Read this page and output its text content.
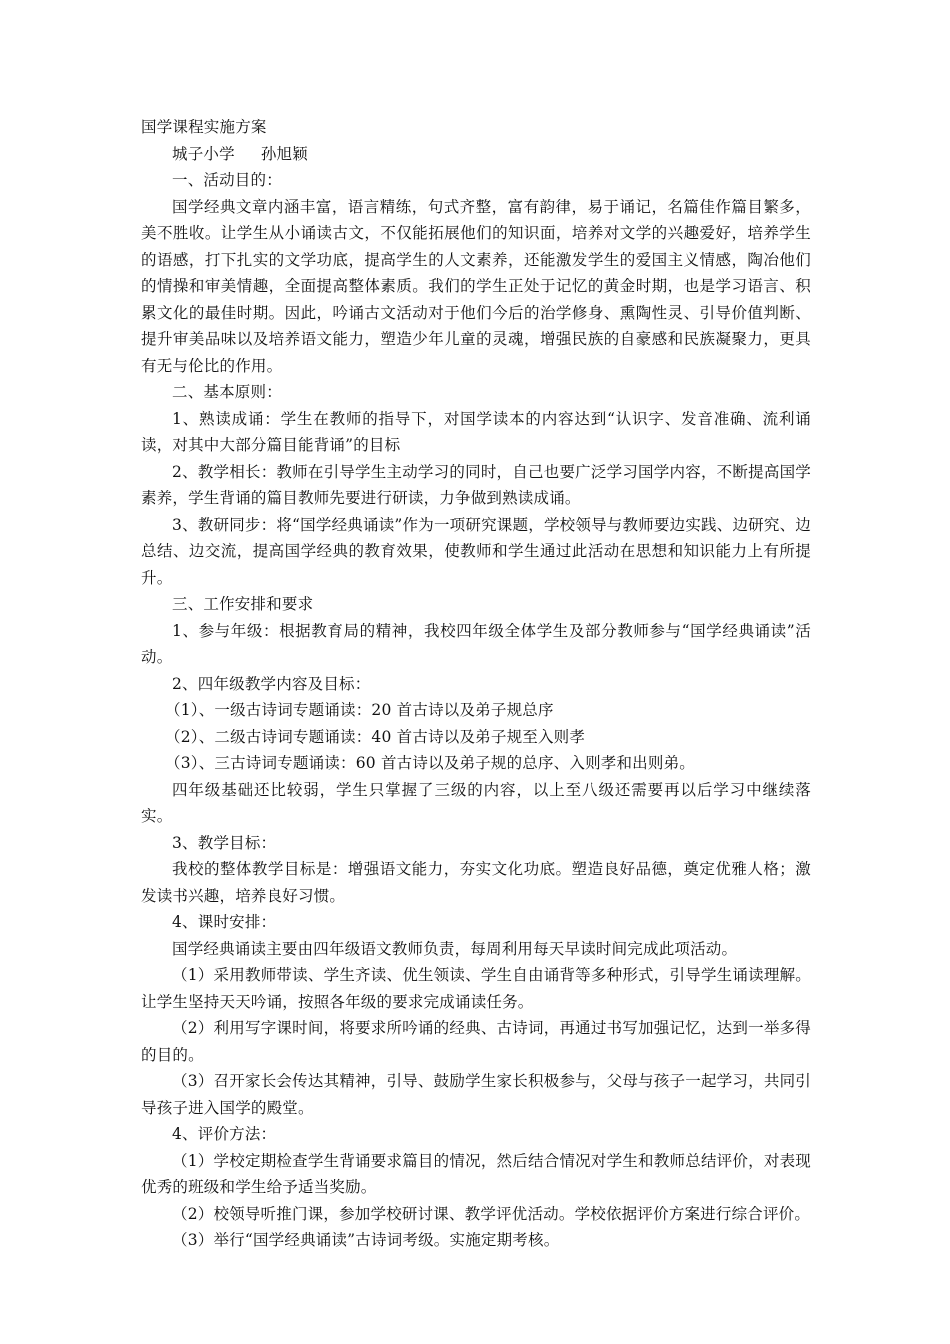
国学课程实施方案

城子小学 孙旭颖

一、活动目的：

国学经典文章内涵丰富，语言精练，句式齐整，富有韵律，易于诵记，名篇佳作篇目繁多，美不胜收。让学生从小诵读古文，不仅能拓展他们的知识面，培养对文学的兴趣爱好，培养学生的语感，打下扎实的文学功底，提高学生的人文素养，还能激发学生的爱国主义情感，陶冶他们的情操和审美情趣，全面提高整体素质。我们的学生正处于记忆的黄金时期，也是学习语言、积累文化的最佳时期。因此，吟诵古文活动对于他们今后的治学修身、熏陶性灵、引导价值判断、提升审美品味以及培养语文能力，塑造少年儿童的灵魂，增强民族的自豪感和民族凝聚力，更具有无与伦比的作用。

二、基本原则：

1、熟读成诵：学生在教师的指导下，对国学读本的内容达到“认识字、发音准确、流利诵读，对其中大部分篇目能背诵”的目标

2、教学相长：教师在引导学生主动学习的同时，自己也要广泛学习国学内容，不断提高国学素养，学生背诵的篇目教师先要进行研读，力争做到熟读成诵。

3、教研同步：将“国学经典诵读”作为一项研究课题，学校领导与教师要边实践、边研究、边总结、边交流，提高国学经典的教育效果，使教师和学生通过此活动在思想和知识能力上有所提升。

三、工作安排和要求

1、参与年级：根据教育局的精神，我校四年级全体学生及部分教师参与“国学经典诵读”活动。

2、四年级教学内容及目标：

（1）、一级古诗词专题诵读：20 首古诗以及弟子规总序

（2）、二级古诗词专题诵读：40 首古诗以及弟子规至入则孝

（3）、三古诗词专题诵读：60 首古诗以及弟子规的总序、入则孝和出则弟。

四年级基础还比较弱，学生只掌握了三级的内容，以上至八级还需要再以后学习中继续落实。

3、教学目标：

我校的整体教学目标是：增强语文能力，夯实文化功底。塑造良好品德，奠定优雅人格；激发读书兴趣，培养良好习惯。

4、课时安排：

国学经典诵读主要由四年级语文教师负责，每周利用每天早读时间完成此项活动。

（1）采用教师带读、学生齐读、优生领读、学生自由诵背等多种形式，引导学生诵读理解。让学生坚持天天吟诵，按照各年级的要求完成诵读任务。

（2）利用写字课时间，将要求所吟诵的经典、古诗词，再通过书写加强记忆，达到一举多得的目的。

（3）召开家长会传达其精神，引导、鼓励学生家长积极参与，父母与孩子一起学习，共同引导孩子进入国学的殿堂。

4、评价方法：

（1）学校定期检查学生背诵要求篇目的情况，然后结合情况对学生和教师总结评价，对表现优秀的班级和学生给予适当奖励。

（2）校领导听推门课，参加学校研讨课、教学评优活动。学校依据评价方案进行综合评价。

（3）举行“国学经典诵读”古诗词考级。实施定期考核。
